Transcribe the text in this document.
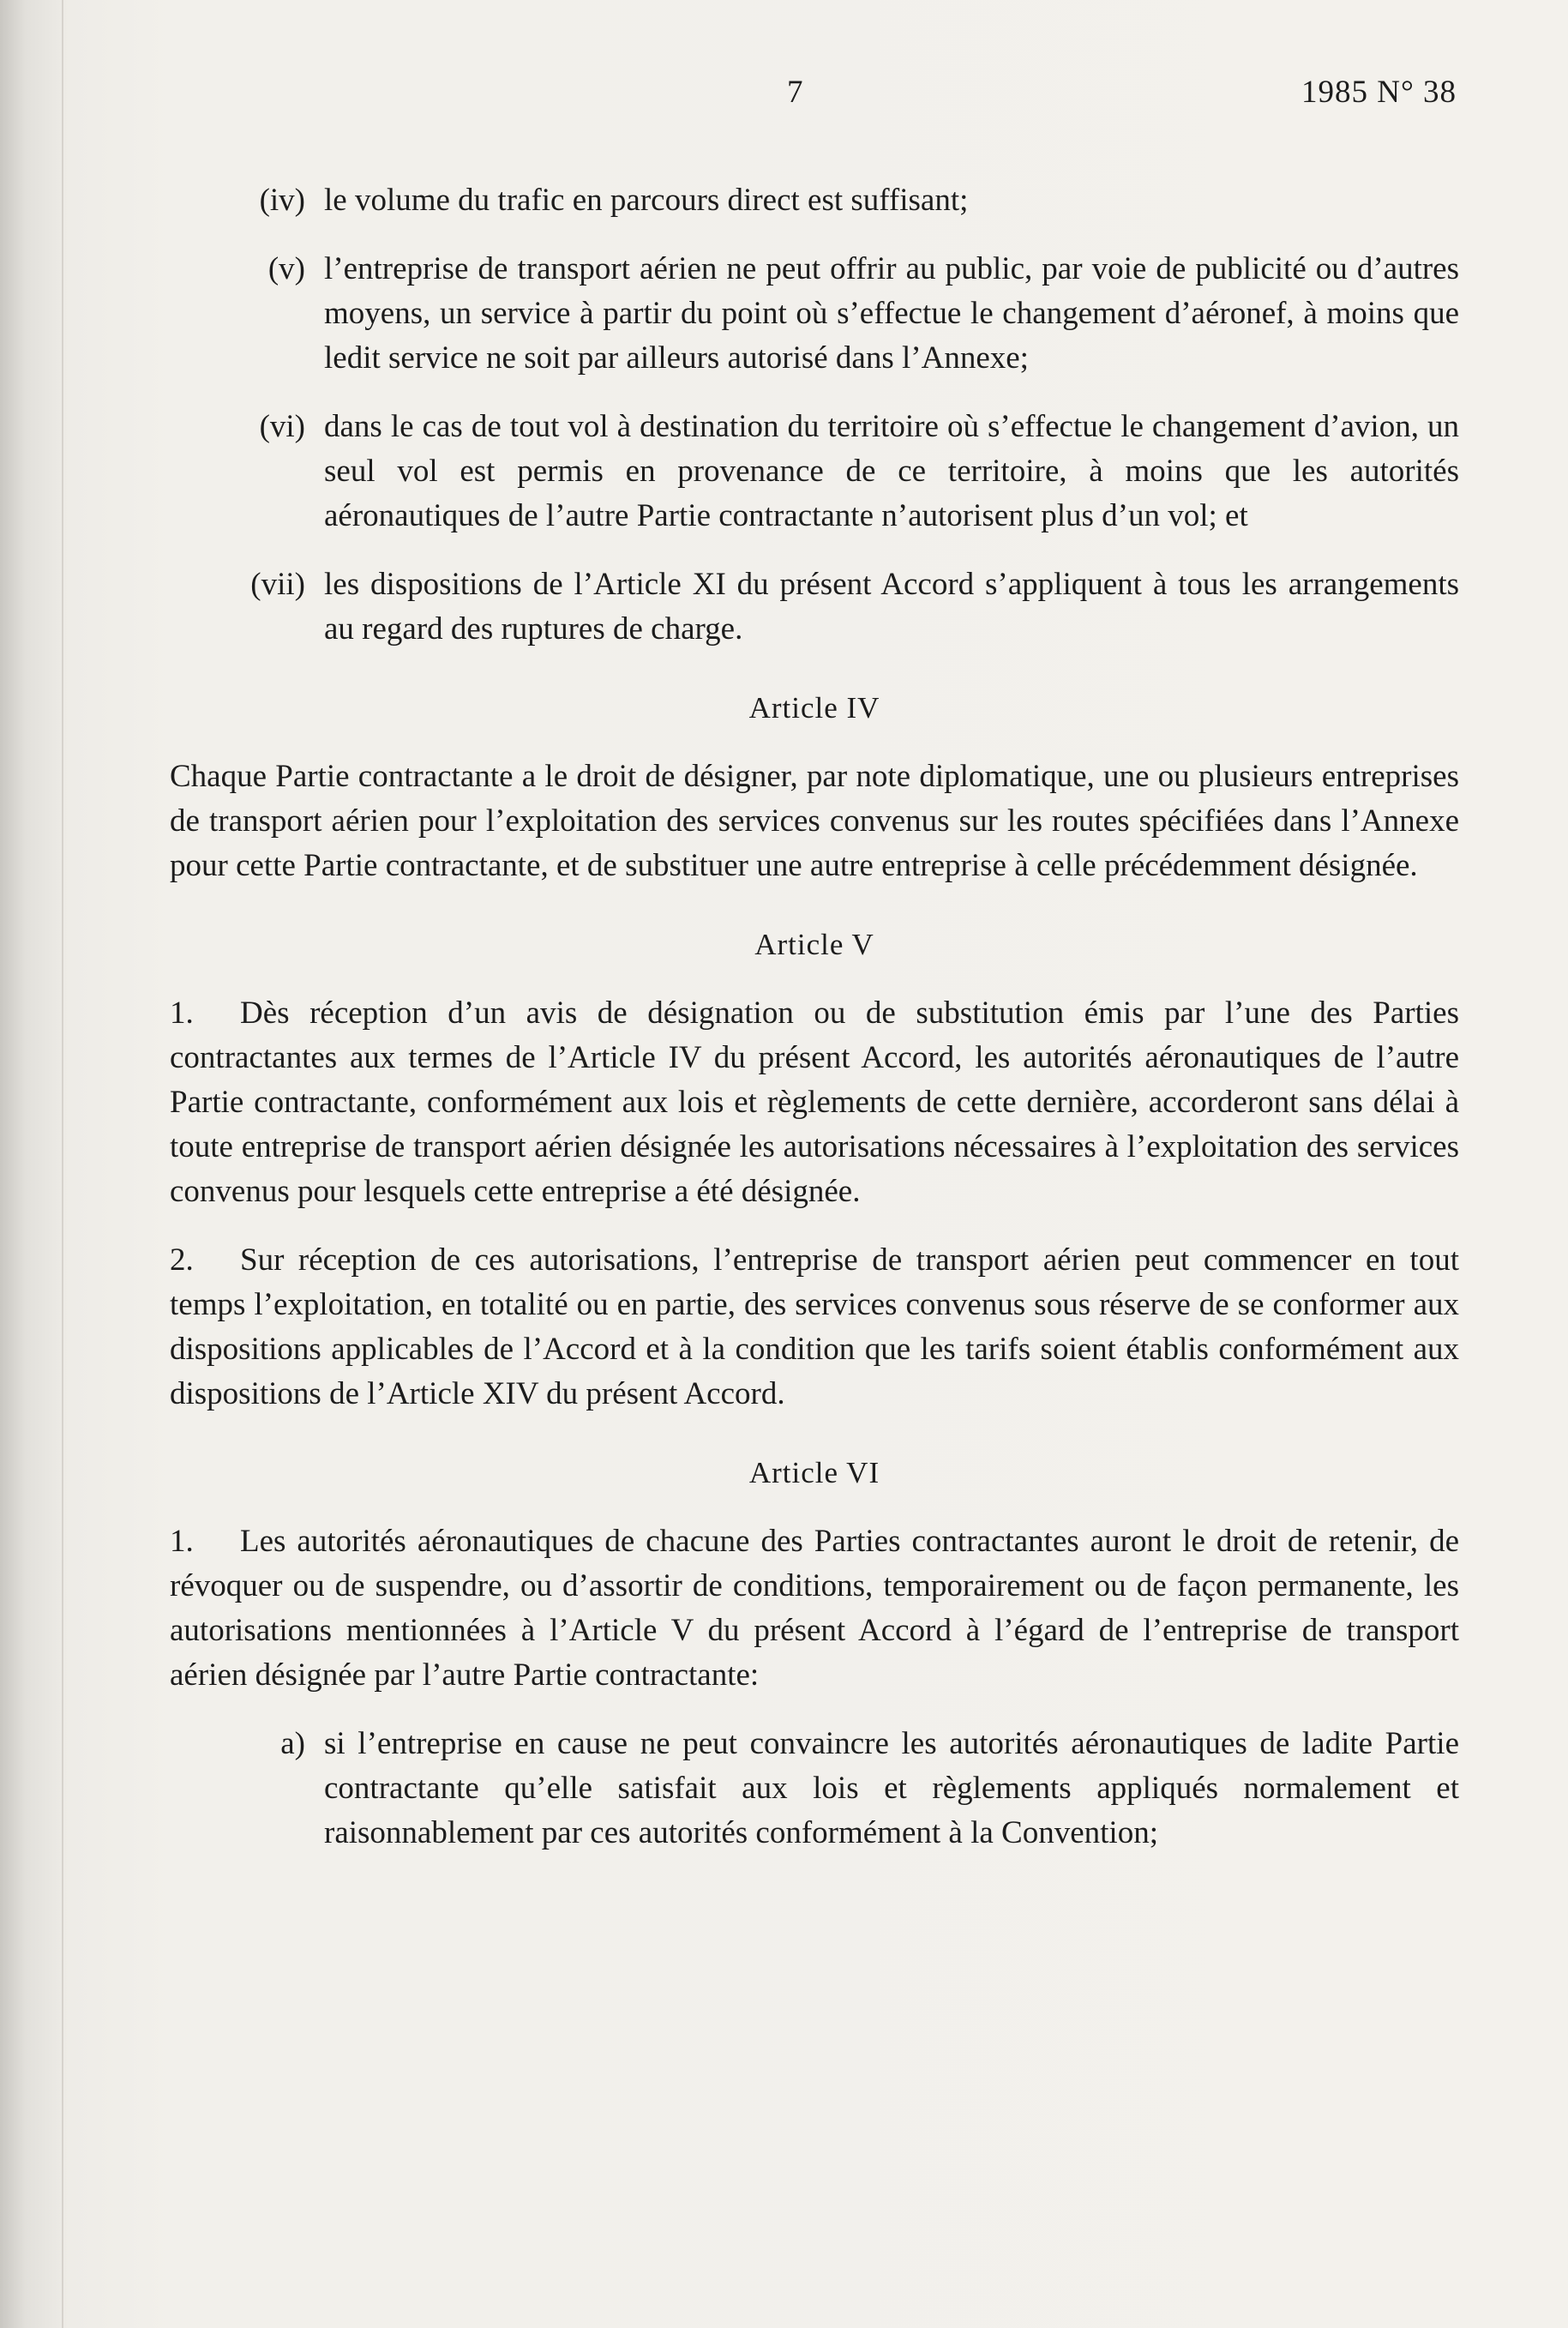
7	1985 N° 38
(iv) le volume du trafic en parcours direct est suffisant;
(v) l’entreprise de transport aérien ne peut offrir au public, par voie de publicité ou d’autres moyens, un service à partir du point où s’effectue le changement d’aéronef, à moins que ledit service ne soit par ailleurs autorisé dans l’Annexe;
(vi) dans le cas de tout vol à destination du territoire où s’effectue le changement d’avion, un seul vol est permis en provenance de ce territoire, à moins que les autorités aéronautiques de l’autre Partie contractante n’autorisent plus d’un vol; et
(vii) les dispositions de l’Article XI du présent Accord s’appliquent à tous les arrangements au regard des ruptures de charge.
Article IV

Chaque Partie contractante a le droit de désigner, par note diplomatique, une ou plusieurs entreprises de transport aérien pour l’exploitation des services convenus sur les routes spécifiées dans l’Annexe pour cette Partie contractante, et de substituer une autre entreprise à celle précédemment désignée.

Article V

1. Dès réception d’un avis de désignation ou de substitution émis par l’une des Parties contractantes aux termes de l’Article IV du présent Accord, les autorités aéronautiques de l’autre Partie contractante, conformément aux lois et règlements de cette dernière, accorderont sans délai à toute entreprise de transport aérien désignée les autorisations nécessaires à l’exploitation des services convenus pour lesquels cette entreprise a été désignée.

2. Sur réception de ces autorisations, l’entreprise de transport aérien peut commencer en tout temps l’exploitation, en totalité ou en partie, des services convenus sous réserve de se conformer aux dispositions applicables de l’Accord et à la condition que les tarifs soient établis conformément aux dispositions de l’Article XIV du présent Accord.

Article VI

1. Les autorités aéronautiques de chacune des Parties contractantes auront le droit de retenir, de révoquer ou de suspendre, ou d’assortir de conditions, temporairement ou de façon permanente, les autorisations mentionnées à l’Article V du présent Accord à l’égard de l’entreprise de transport aérien désignée par l’autre Partie contractante:

a) si l’entreprise en cause ne peut convaincre les autorités aéronautiques de ladite Partie contractante qu’elle satisfait aux lois et règlements appliqués normalement et raisonnablement par ces autorités conformément à la Convention;
